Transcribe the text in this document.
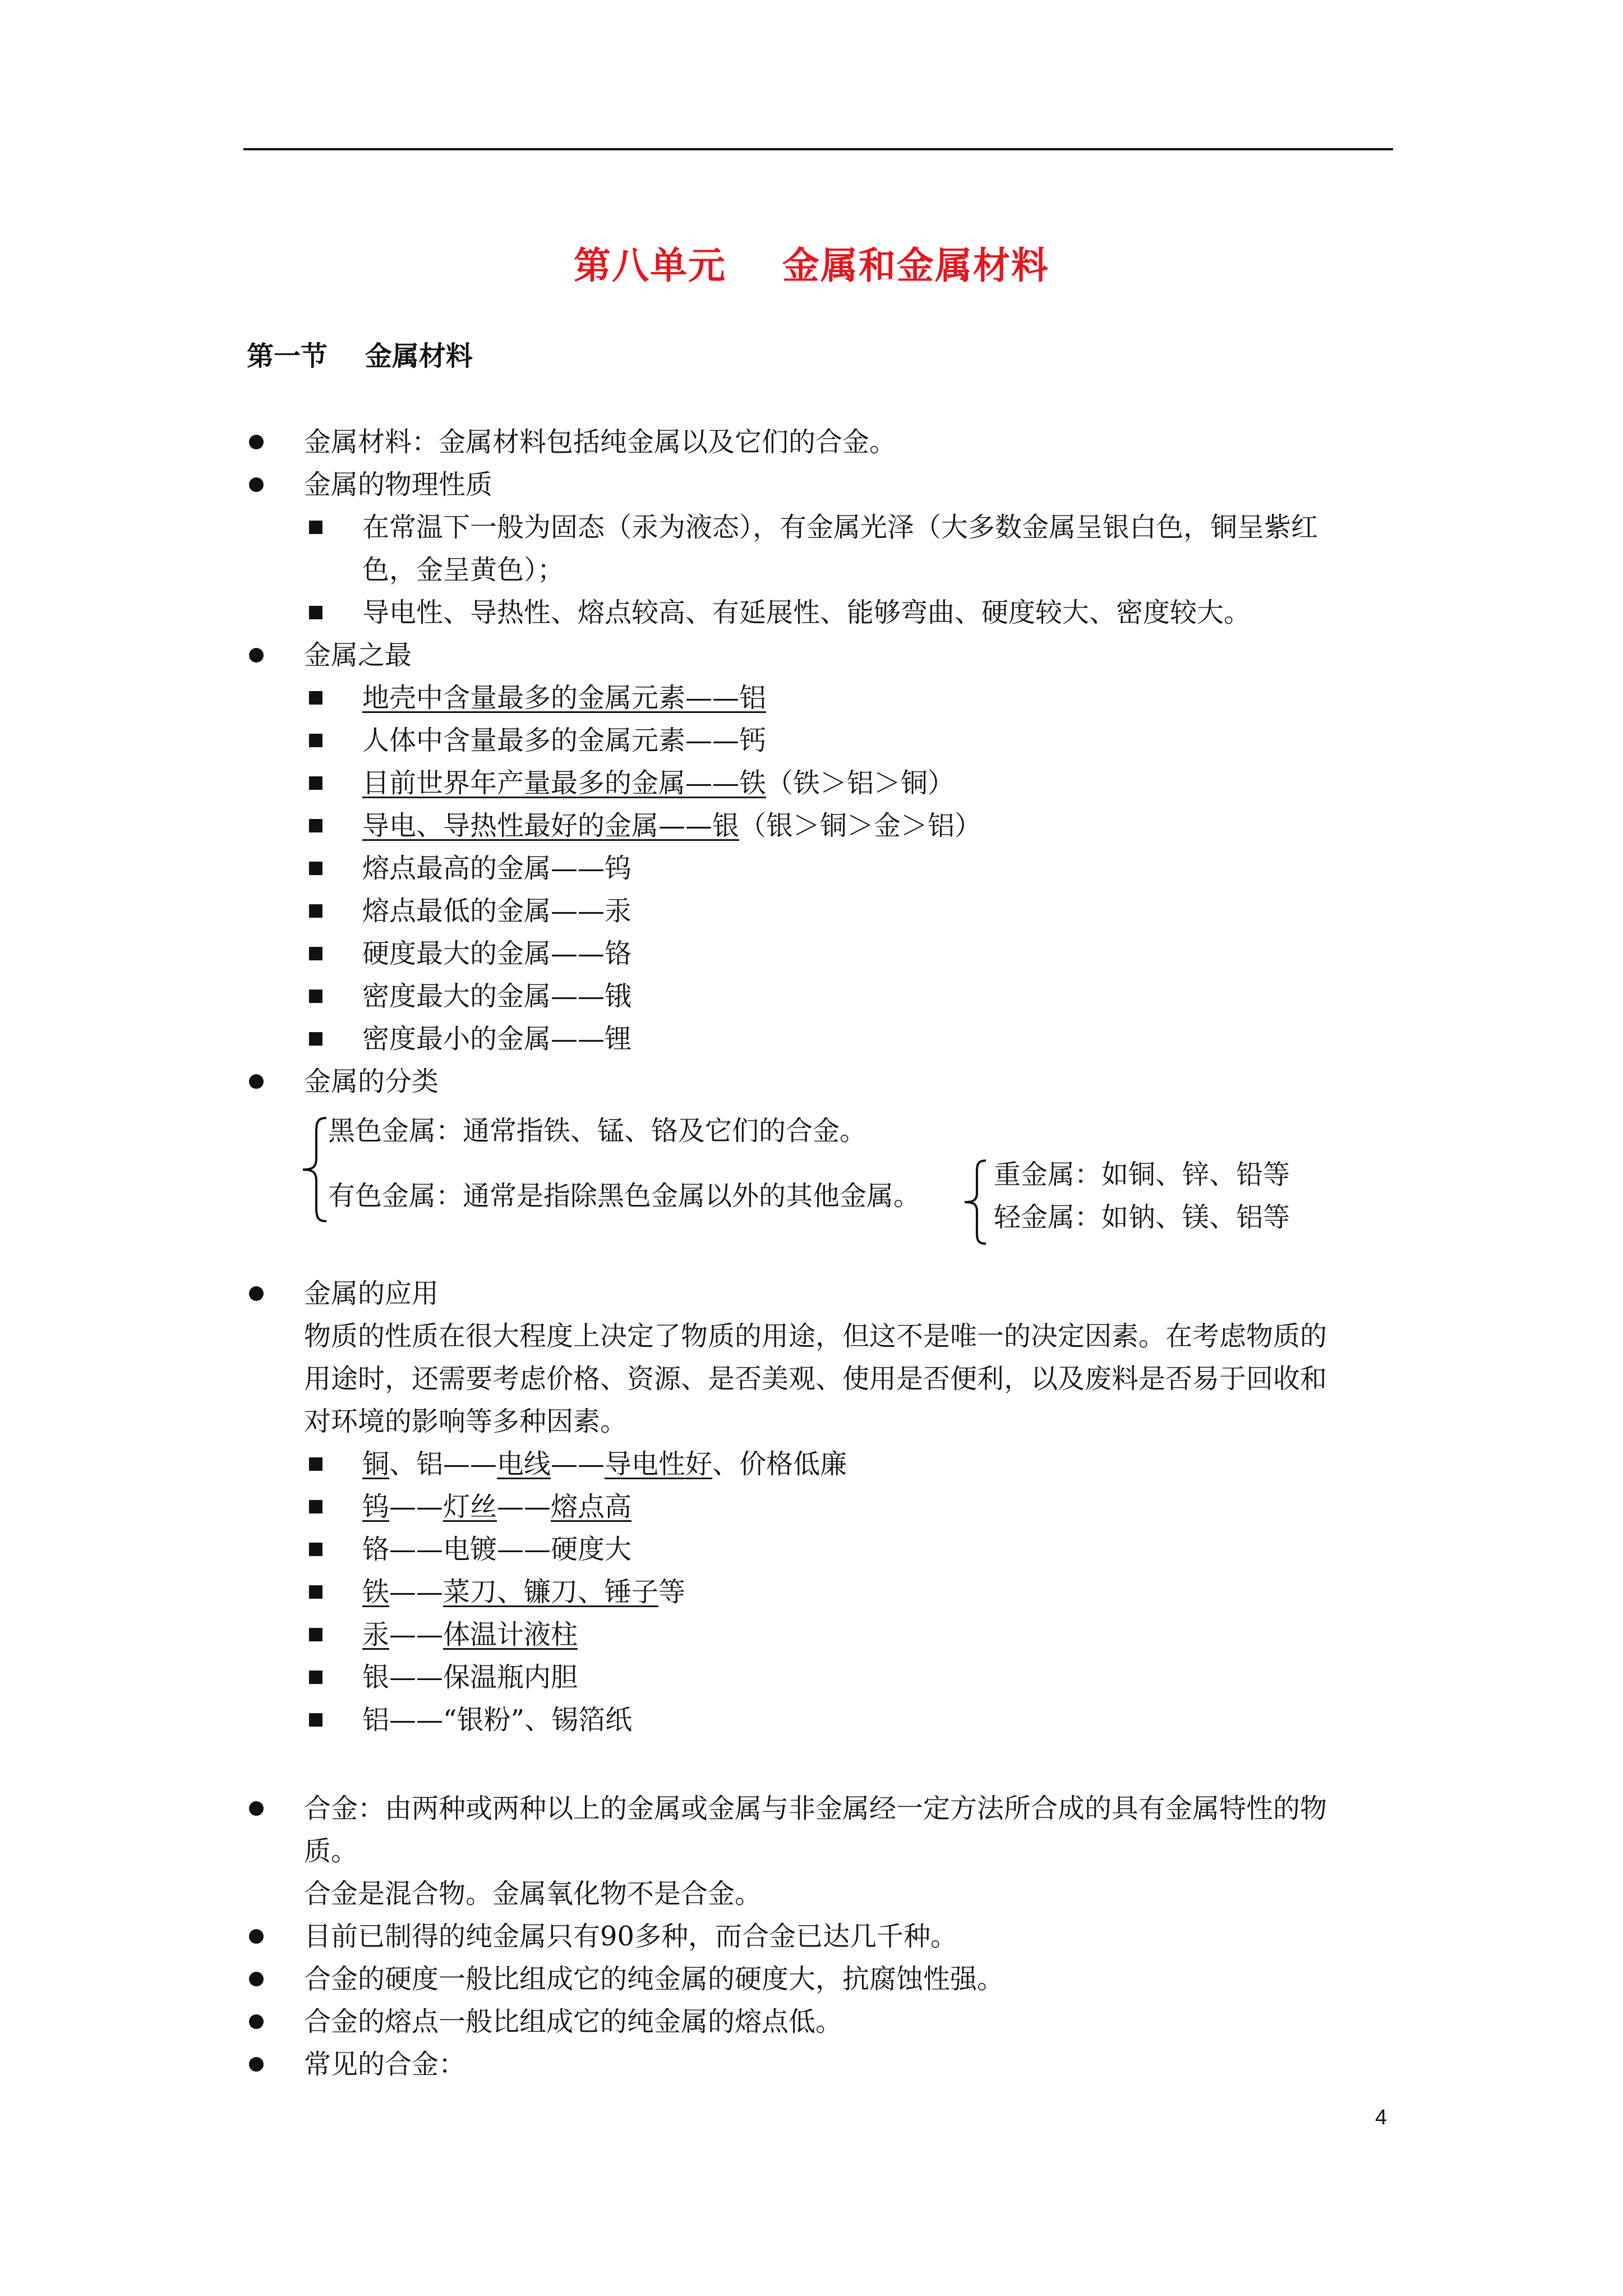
第八单元    金属和金属材料
第一节    金属材料
金属材料：金属材料包括纯金属以及它们的合金。
金属的物理性质
在常温下一般为固态（汞为液态），有金属光泽（大多数金属呈银白色，铜呈紫红
色，金呈黄色）；
导电性、导热性、熔点较高、有延展性、能够弯曲、硬度较大、密度较大。
金属之最
地壳中含量最多的金属元素——铝
人体中含量最多的金属元素——钙
目前世界年产量最多的金属——铁（铁＞铝＞铜）
导电、导热性最好的金属——银（银＞铜＞金＞铝）
熔点最高的金属——钨
熔点最低的金属——汞
硬度最大的金属——铬
密度最大的金属——锇
密度最小的金属——锂
金属的分类
黑色金属：通常指铁、锰、铬及它们的合金。
有色金属：通常是指除黑色金属以外的其他金属。
重金属：如铜、锌、铅等
轻金属：如钠、镁、铝等
金属的应用
物质的性质在很大程度上决定了物质的用途，但这不是唯一的决定因素。在考虑物质的
用途时，还需要考虑价格、资源、是否美观、使用是否便利，以及废料是否易于回收和
对环境的影响等多种因素。
铜、铝——电线——导电性好、价格低廉
钨——灯丝——熔点高
铬——电镀——硬度大
铁——菜刀、镰刀、锤子等
汞——体温计液柱
银——保温瓶内胆
铝——“银粉”、锡箔纸
合金：由两种或两种以上的金属或金属与非金属经一定方法所合成的具有金属特性的物
质。
合金是混合物。金属氧化物不是合金。
目前已制得的纯金属只有90多种，而合金已达几千种。
合金的硬度一般比组成它的纯金属的硬度大，抗腐蚀性强。
合金的熔点一般比组成它的纯金属的熔点低。
常见的合金：
4
